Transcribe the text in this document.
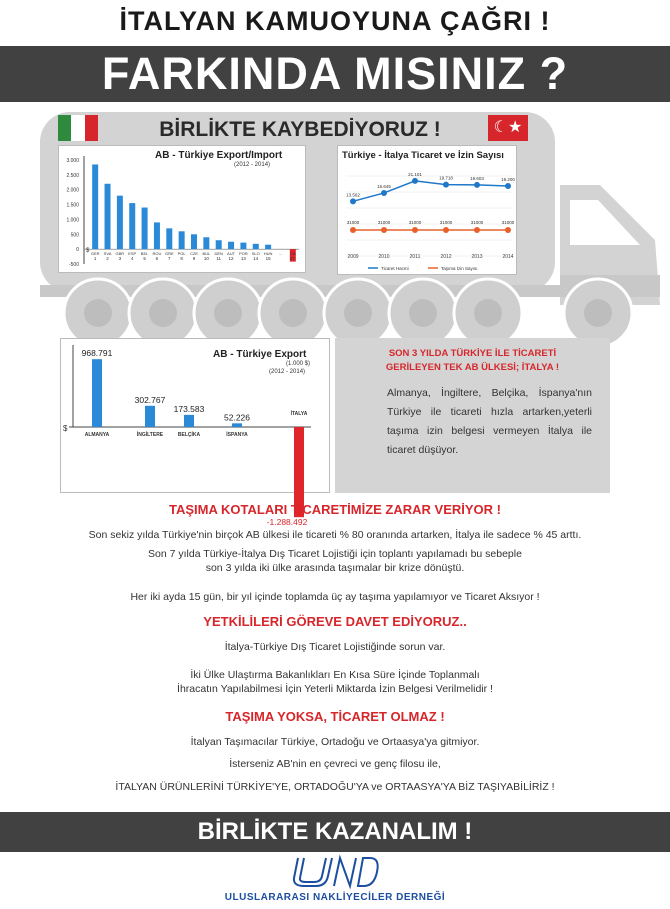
İTALYAN KAMUOYUNA ÇAĞRI !
FARKINDA MISINIZ ?
☾★
BİRLİKTE KAYBEDİYORUZ !
AB - Türkiye Export/Import
(2012 - 2014)
3.000
2.500
2.000
1.500
1.000
500
0
-500
$ GER
1
SVA
2
GBR
3
ESP
4
BEL
5
ROU
6
GRE
7
POL
8
CZE
9
BUL
10
DEN
11
AUT
12
POR
13
SLO
14
HUN
15
... İTA
27.
Türkiye - İtalya Ticaret ve İzin Sayısı
13.562
16.645
21.101
19.718	19.603	19.200
31000	31000	31000	31000	31000	31000
2009	2010	2011	2012	2013	2014
Ticaret Hacmi	Taşıma İzin Sayısı
AB - Türkiye Export
(1.000 $)
(2012 - 2014)
$
968.791
ALMANYA
302.767
İNGİLTERE
173.583
BELÇİKA
52.226
İSPANYA
-1.288.492
İTALYA
SON 3 YILDA TÜRKİYE İLE TİCARETİ
GERİLEYEN TEK AB ÜLKESİ; İTALYA !
Almanya, İngiltere, Belçika, İspanya'nın Türkiye ile ticareti hızla artarken,yeterli taşıma izin belgesi vermeyen İtalya ile ticaret düşüyor.
TAŞIMA KOTALARI TİCARETİMİZE ZARAR VERİYOR !
Son sekiz yılda Türkiye'nin birçok AB ülkesi ile ticareti % 80 oranında artarken, İtalya ile sadece % 45 arttı.
Son 7 yılda Türkiye-İtalya Dış Ticaret Lojistiği için toplantı yapılamadı bu sebeple
son 3 yılda iki ülke arasında taşımalar bir krize dönüştü.
Her iki ayda 15 gün, bir yıl içinde toplamda üç ay taşıma yapılamıyor ve Ticaret Aksıyor !
YETKİLİLERİ GÖREVE DAVET EDİYORUZ..
İtalya-Türkiye Dış Ticaret Lojistiğinde sorun var.
İki Ülke Ulaştırma Bakanlıkları En Kısa Süre İçinde Toplanmalı
İhracatın Yapılabilmesi İçin Yeterli Miktarda İzin Belgesi Verilmelidir !
TAŞIMA YOKSA, TİCARET OLMAZ !
İtalyan Taşımacılar Türkiye, Ortadoğu ve Ortaasya'ya gitmiyor.
İsterseniz AB'nin en çevreci ve genç filosu ile,
İTALYAN ÜRÜNLERİNİ TÜRKİYE'YE, ORTADOĞU'YA ve ORTAASYA'YA BİZ TAŞIYABİLİRİZ !
BİRLİKTE KAZANALIM !
ULUSLARARASI NAKLİYECİLER DERNEĞİ
